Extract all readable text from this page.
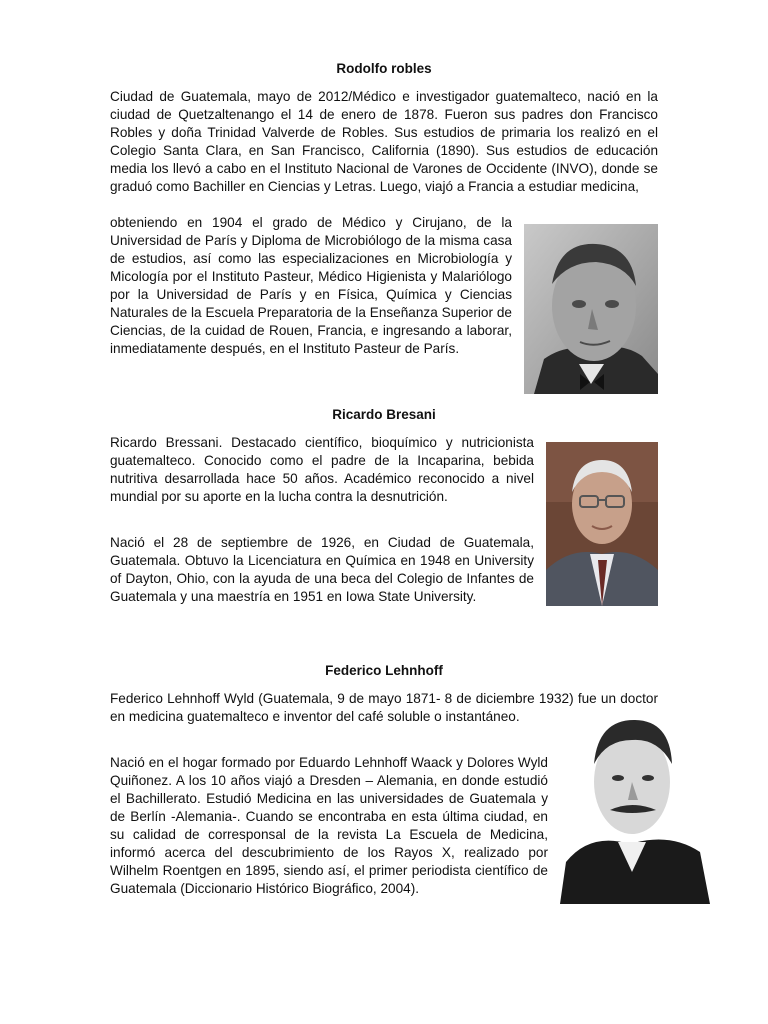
Rodolfo robles

Ciudad de Guatemala, mayo de 2012/Médico e investigador guatemalteco, nació en la ciudad de Quetzaltenango el 14 de enero de 1878. Fueron sus padres don Francisco Robles y doña Trinidad Valverde de Robles. Sus estudios de primaria los realizó en el Colegio Santa Clara, en San Francisco, California (1890). Sus estudios de educación media los llevó a cabo en el Instituto Nacional de Varones de Occidente (INVO), donde se graduó como Bachiller en Ciencias y Letras. Luego, viajó a Francia a estudiar medicina,

obteniendo en 1904 el grado de Médico y Cirujano, de la Universidad de París y Diploma de Microbiólogo de la misma casa de estudios, así como las especializaciones en Microbiología y Micología por el Instituto Pasteur, Médico Higienista y Malariólogo por la Universidad de París y en Física, Química y Ciencias Naturales de la Escuela Preparatoria de la Enseñanza Superior de Ciencias, de la cuidad de Rouen, Francia, e ingresando a laborar, inmediatamente después, en el Instituto Pasteur de París.

Ricardo Bresani

Ricardo Bressani. Destacado científico, bioquímico y nutricionista guatemalteco. Conocido como el padre de la Incaparina, bebida nutritiva desarrollada hace 50 años. Académico reconocido a nivel mundial por su aporte en la lucha contra la desnutrición.

Nació el 28 de septiembre de 1926, en Ciudad de Guatemala, Guatemala. Obtuvo la Licenciatura en Química en 1948 en University of Dayton, Ohio, con la ayuda de una beca del Colegio de Infantes de Guatemala y una maestría en 1951 en Iowa State University.

Federico Lehnhoff

Federico Lehnhoff Wyld (Guatemala, 9 de mayo 1871- 8 de diciembre 1932) fue un doctor en medicina guatemalteco e inventor del café soluble o instantáneo.

Nació en el hogar formado por Eduardo Lehnhoff Waack y Dolores Wyld Quiñonez. A los 10 años viajó a Dresden – Alemania, en donde estudió el Bachillerato. Estudió Medicina en las universidades de Guatemala y de Berlín -Alemania-. Cuando se encontraba en esta última ciudad, en su calidad de corresponsal de la revista La Escuela de Medicina, informó acerca del descubrimiento de los Rayos X, realizado por Wilhelm Roentgen en 1895, siendo así, el primer periodista científico de Guatemala (Diccionario Histórico Biográfico, 2004).
